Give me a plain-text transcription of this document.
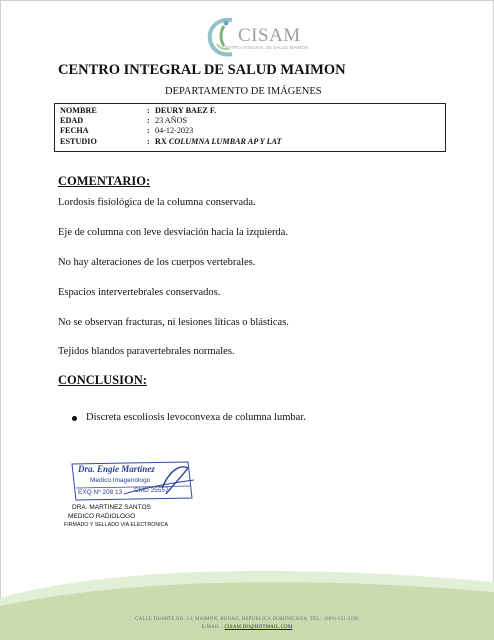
CISAM
CENTRO INTEGRAL DE SALUD MAIMON
CENTRO INTEGRAL DE SALUD MAIMON
DEPARTAMENTO DE IMÁGENES
NOMBRE	: DEURY BAEZ F.
EDAD	: 23 AÑOS
FECHA	: 04-12-2023
ESTUDIO	: RX COLUMNA LUMBAR AP Y LAT
COMENTARIO:
Lordosis fisiológica de la columna conservada.
Eje de columna con leve desviación hacia la izquierda.
No hay alteraciones de los cuerpos vertebrales.
Espacios intervertebrales conservados.
No se observan fracturas, ni lesiones líticas o blásticas.
Tejidos blandos paravertebrales normales.
CONCLUSION:
Discreta escoliosis levoconvexa de columna lumbar.
Dra. Engie Martinez
Medico Imagenologo
EXQ Nº 208 13 CMD 25557
DRA. MARTINEZ SANTOS
MEDICO RADIOLOGO
FIRMADO Y SELLADO VIA ELECTRONICA
CALLE DUARTE NO. 13, MAIMÓN, BONAO, REPUBLICA DOMINICANA, TEL.: (809)-551-2196
E-MAIL : CISAM.DO@HOTMAIL.COM
